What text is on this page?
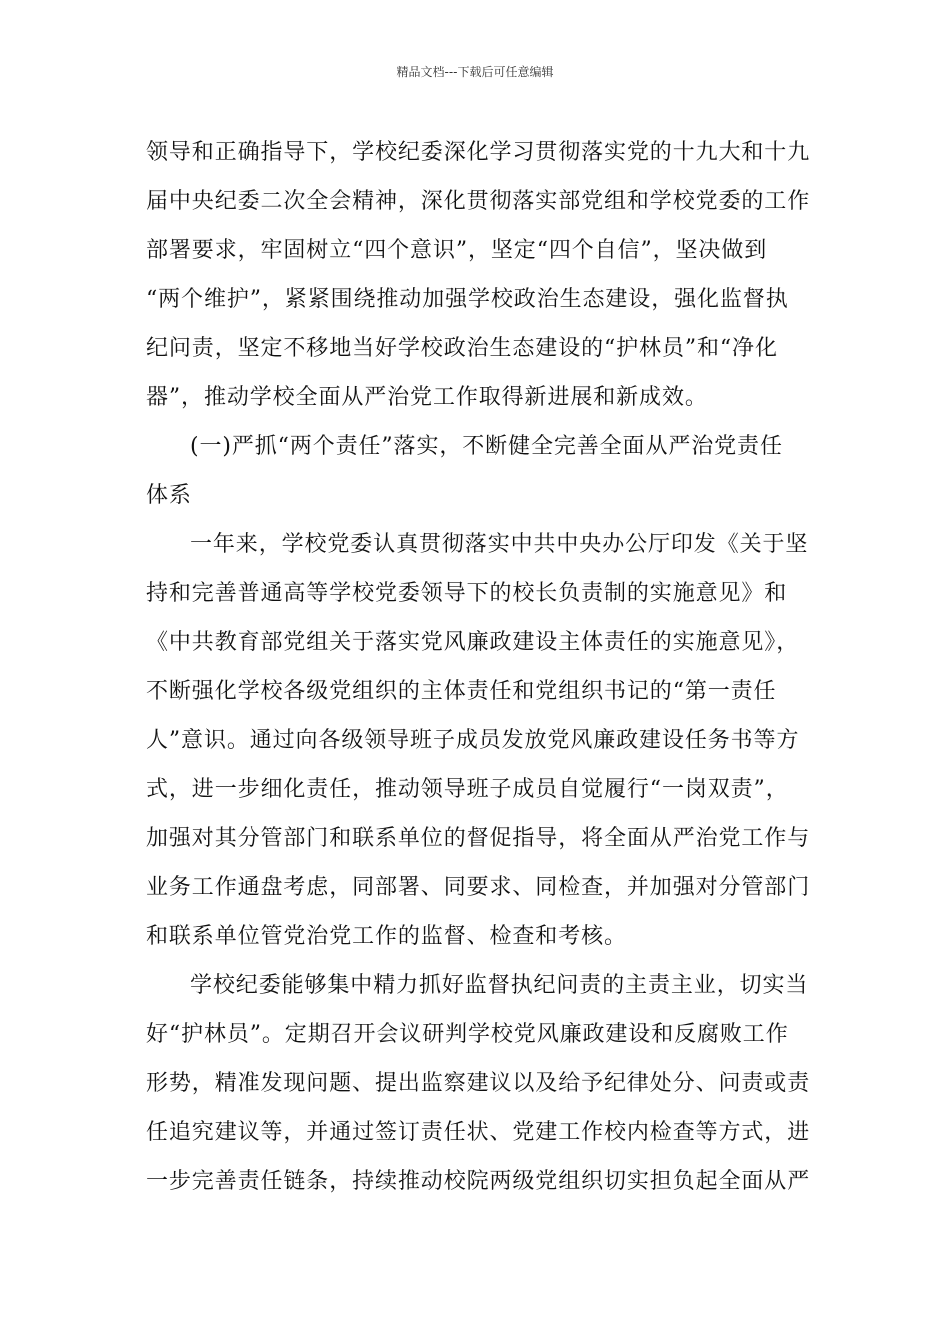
精品文档---下载后可任意编辑
领导和正确指导下，学校纪委深化学习贯彻落实党的十九大和十九
届中央纪委二次全会精神，深化贯彻落实部党组和学校党委的工作
部署要求，牢固树立“四个意识”，坚定“四个自信”，坚决做到
“两个维护”，紧紧围绕推动加强学校政治生态建设，强化监督执
纪问责，坚定不移地当好学校政治生态建设的“护林员”和“净化
器”，推动学校全面从严治党工作取得新进展和新成效。
(一)严抓“两个责任”落实，不断健全完善全面从严治党责任
体系
一年来，学校党委认真贯彻落实中共中央办公厅印发《关于坚
持和完善普通高等学校党委领导下的校长负责制的实施意见》和
《中共教育部党组关于落实党风廉政建设主体责任的实施意见》，
不断强化学校各级党组织的主体责任和党组织书记的“第一责任
人”意识。通过向各级领导班子成员发放党风廉政建设任务书等方
式，进一步细化责任，推动领导班子成员自觉履行“一岗双责”，
加强对其分管部门和联系单位的督促指导，将全面从严治党工作与
业务工作通盘考虑，同部署、同要求、同检查，并加强对分管部门
和联系单位管党治党工作的监督、检查和考核。
学校纪委能够集中精力抓好监督执纪问责的主责主业，切实当
好“护林员”。定期召开会议研判学校党风廉政建设和反腐败工作
形势，精准发现问题、提出监察建议以及给予纪律处分、问责或责
任追究建议等，并通过签订责任状、党建工作校内检查等方式，进
一步完善责任链条，持续推动校院两级党组织切实担负起全面从严
